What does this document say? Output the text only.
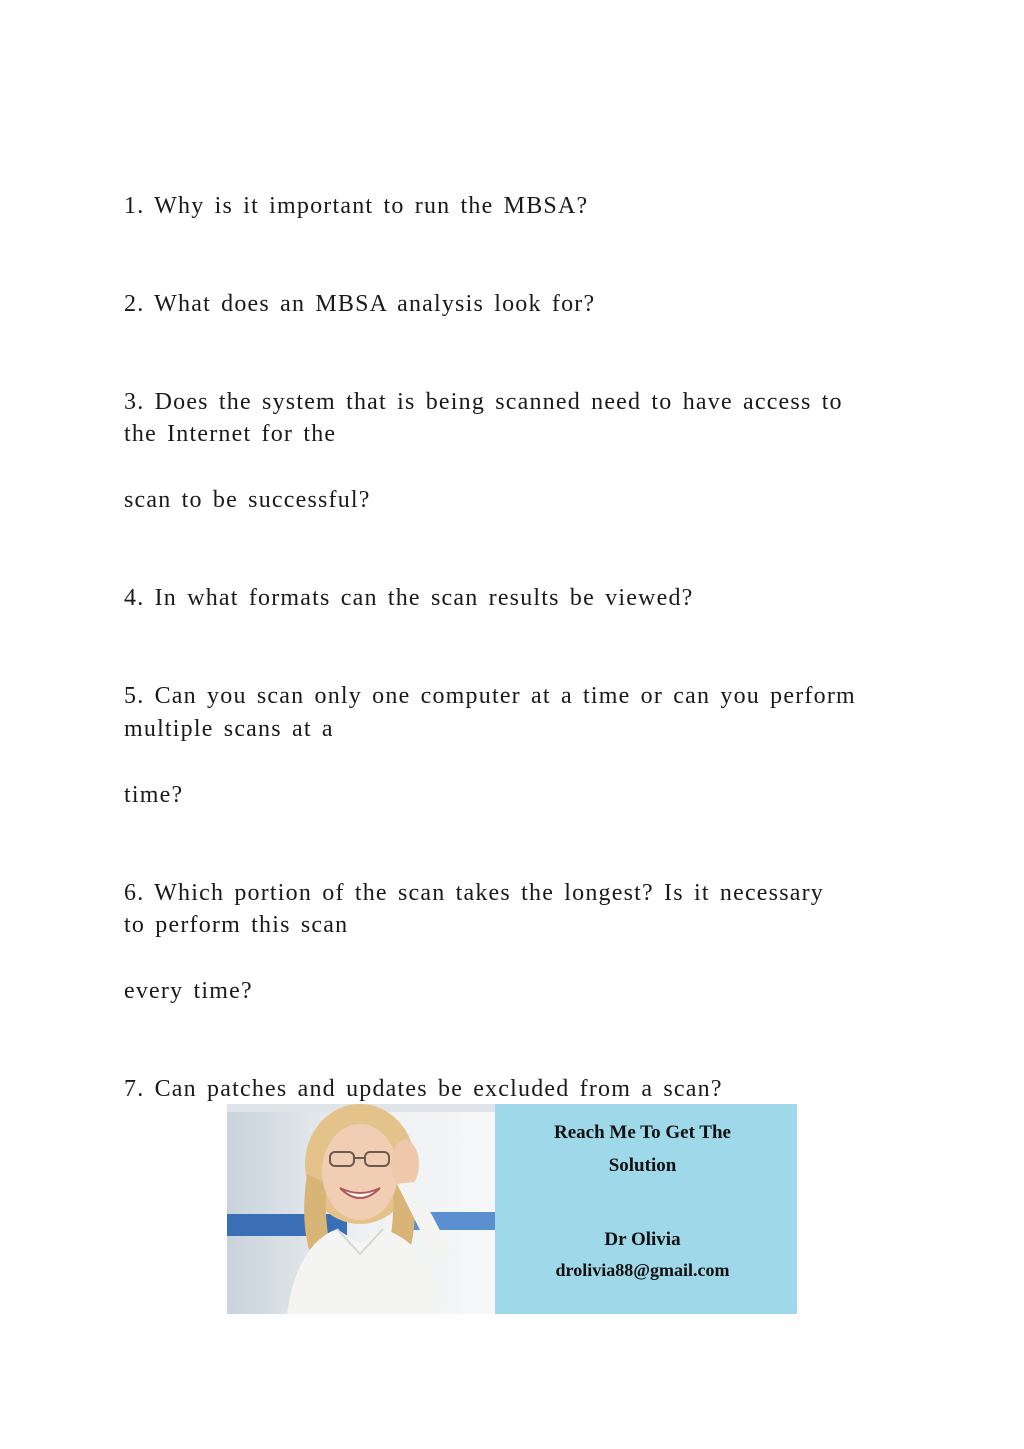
1. Why is it important to run the MBSA?
2. What does an MBSA analysis look for?
3. Does the system that is being scanned need to have access to
the Internet for the
scan to be successful?
4. In what formats can the scan results be viewed?
5. Can you scan only one computer at a time or can you perform
multiple scans at a
time?
6. Which portion of the scan takes the longest? Is it necessary
to perform this scan
every time?
7. Can patches and updates be excluded from a scan?
Reach Me To Get The
Solution
Dr Olivia
drolivia88@gmail.com
